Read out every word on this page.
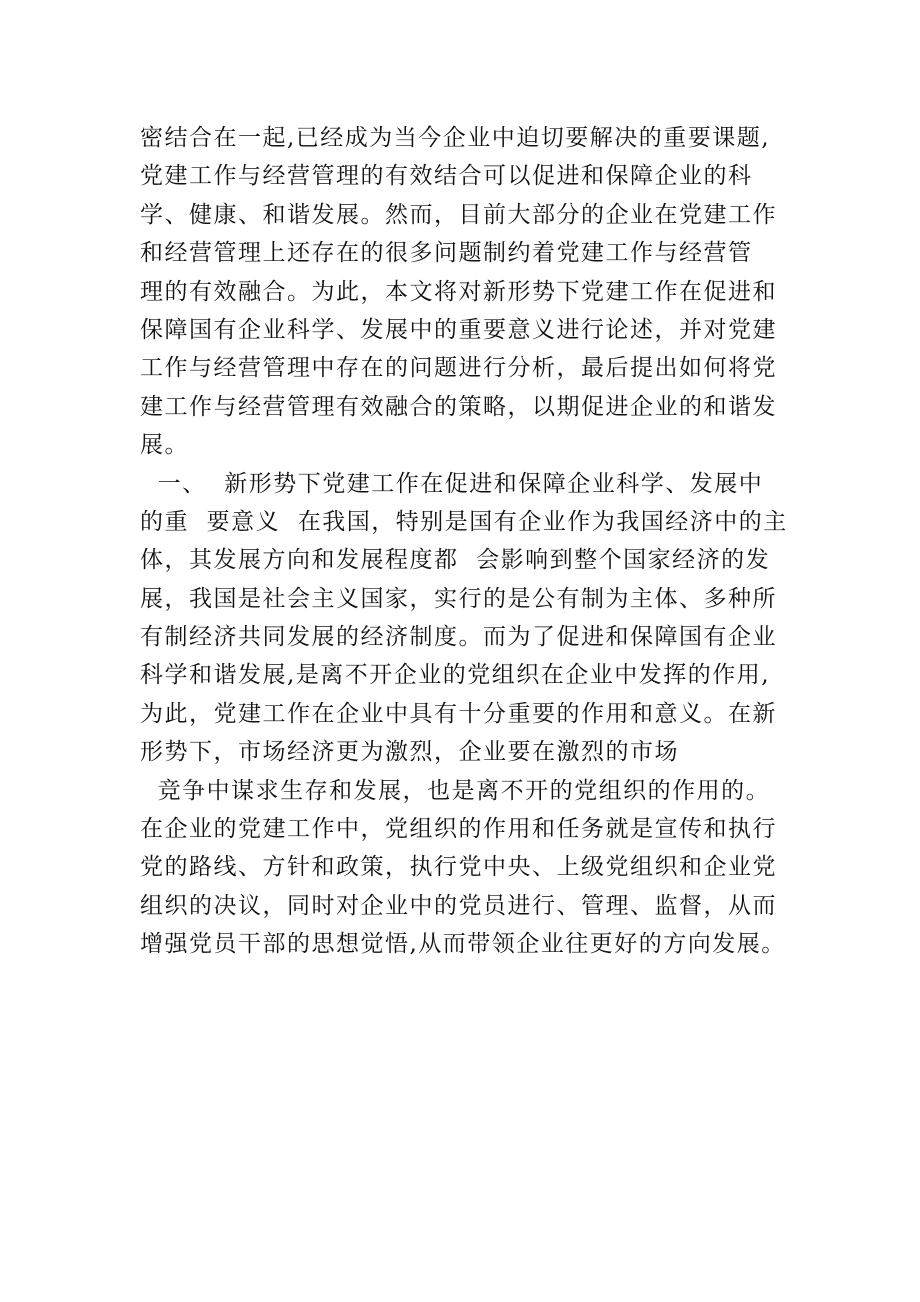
密结合在一起,已经成为当今企业中迫切要解决的重要课题,
党建工作与经营管理的有效结合可以促进和保障企业的科
学、健康、和谐发展。然而，目前大部分的企业在党建工作
和经营管理上还存在的很多问题制约着党建工作与经营管
理的有效融合。为此，本文将对新形势下党建工作在促进和
保障国有企业科学、发展中的重要意义进行论述，并对党建
工作与经营管理中存在的问题进行分析，最后提出如何将党
建工作与经营管理有效融合的策略，以期促进企业的和谐发
展。
一、  新形势下党建工作在促进和保障企业科学、发展中
的重  要意义  在我国，特别是国有企业作为我国经济中的主
体，其发展方向和发展程度都  会影响到整个国家经济的发
展，我国是社会主义国家，实行的是公有制为主体、多种所
有制经济共同发展的经济制度。而为了促进和保障国有企业
科学和谐发展,是离不开企业的党组织在企业中发挥的作用,
为此，党建工作在企业中具有十分重要的作用和意义。在新
形势下，市场经济更为激烈，企业要在激烈的市场
竞争中谋求生存和发展，也是离不开的党组织的作用的。
在企业的党建工作中，党组织的作用和任务就是宣传和执行
党的路线、方针和政策，执行党中央、上级党组织和企业党
组织的决议，同时对企业中的党员进行、管理、监督，从而
增强党员干部的思想觉悟,从而带领企业往更好的方向发展。
